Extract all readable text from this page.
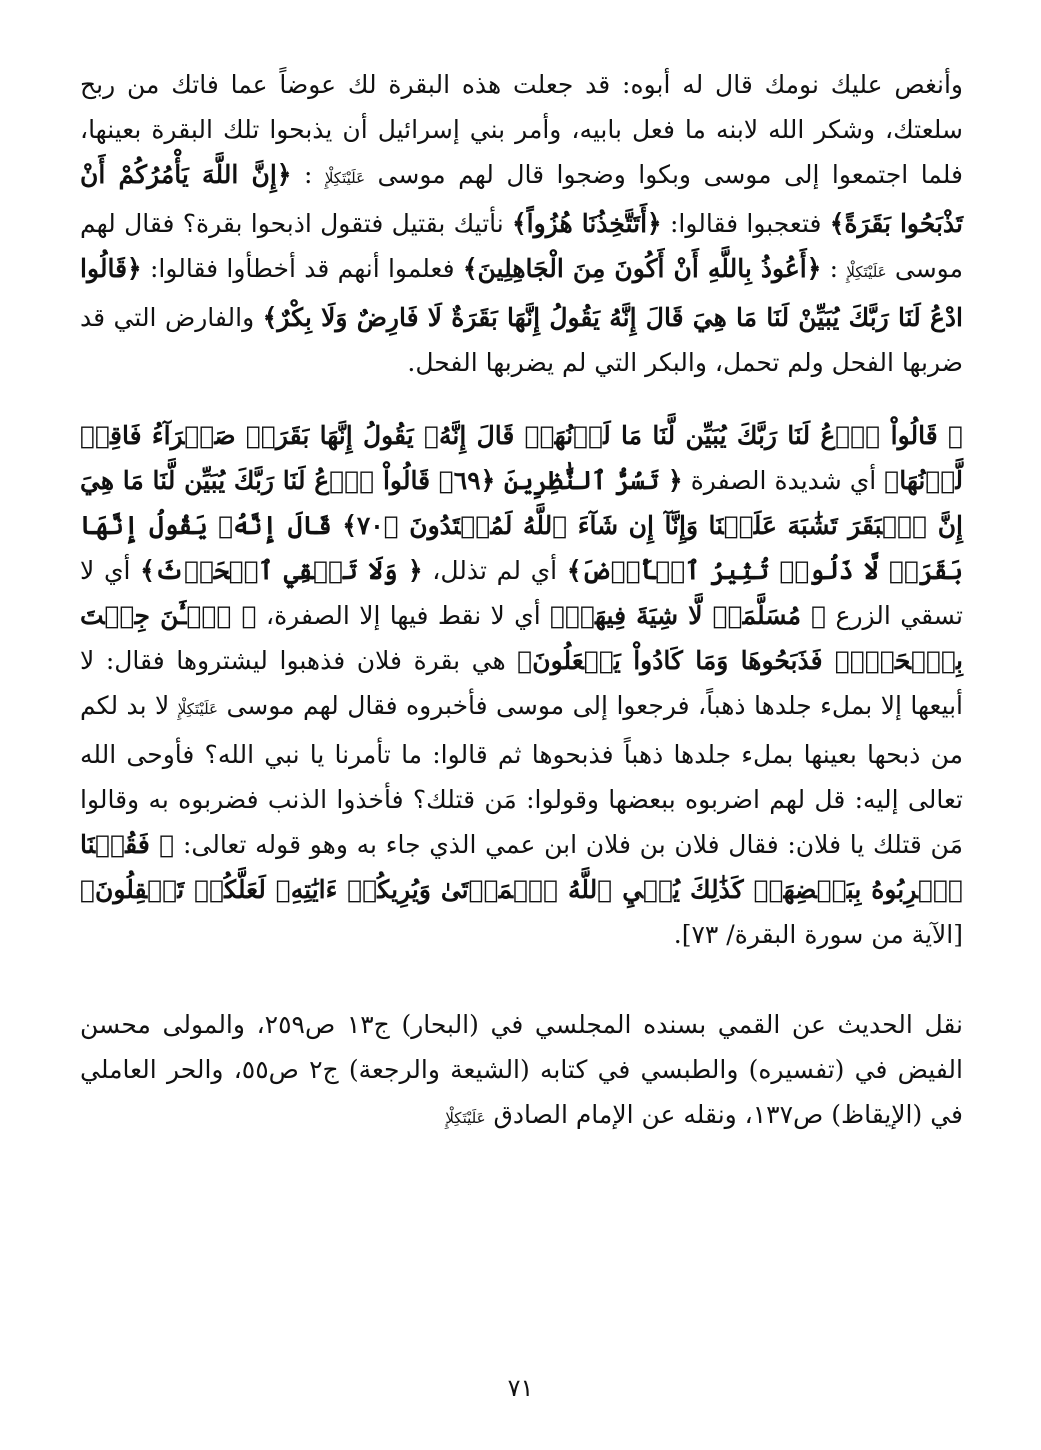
وأنغص عليك نومك قال له أبوه: قد جعلت هذه البقرة لك عوضاً عما فاتك من ربح سلعتك، وشكر الله لابنه ما فعل بابيه، وأمر بني إسرائيل أن يذبحوا تلك البقرة بعينها، فلما اجتمعوا إلى موسى وبكوا وضجوا قال لهم موسى عَلَيْتَكِلْإِ : ﴿إِنَّ اللَّهَ يَأْمُرُكُمْ أَنْ تَذْبَحُوا بَقَرَةً﴾ فتعجبوا فقالوا: ﴿أَتَتَّخِذُنَا هُزُواً﴾ نأتيك بقتيل فتقول اذبحوا بقرة؟ فقال لهم موسى عَلَيْتَكِلْإِ : ﴿أَعُوذُ بِاللَّهِ أَنْ أَكُونَ مِنَ الْجَاهِلِينَ﴾ فعلموا أنهم قد أخطأوا فقالوا: ﴿قَالُوا ادْعُ لَنَا رَبَّكَ يُبَيِّنْ لَنَا مَا هِيَ قَالَ إِنَّهُ يَقُولُ إِنَّهَا بَقَرَةٌ لَا فَارِضٌ وَلَا بِكْرٌ﴾ والفارض التي قد ضربها الفحل ولم تحمل، والبكر التي لم يضربها الفحل.

﴿ قَالُواْ ٱدۡعُ لَنَا رَبَّكَ يُبَيِّن لَّنَا مَا لَوۡنُهَاۚ قَالَ إِنَّهُۥ يَقُولُ إِنَّهَا بَقَرَةٞ صَفۡرَآءُ فَاقِعٞ لَّوۡنُهَا﴾ أي شديدة الصفرة ﴿ تَسُرُّ ٱلنَّٰظِرِينَ ﴿٦٩﴾ قَالُواْ ٱدۡعُ لَنَا رَبَّكَ يُبَيِّن لَّنَا مَا هِيَ إِنَّ ٱلۡبَقَرَ تَشَٰبَهَ عَلَيۡنَا وَإِنَّآ إِن شَآءَ ٱللَّهُ لَمُهۡتَدُونَ ﴿٧٠﴾ قَالَ إِنَّهُۥ يَقُولُ إِنَّهَا بَقَرَةٞ لَّا ذَلُولٞ تُثِيرُ ٱلۡأَرۡضَ﴾ أي لم تذلل، ﴿ وَلَا تَسۡقِي ٱلۡحَرۡثَ﴾ أي لا تسقي الزرع ﴿ مُسَلَّمَةٞ لَّا شِيَةَ فِيهَاۚ﴾ أي لا نقط فيها إلا الصفرة، ﴿ ٱلۡـَٰٔنَ جِئۡتَ بِٱلۡحَقِّۚ فَذَبَحُوهَا وَمَا كَادُواْ يَفۡعَلُونَ﴾ هي بقرة فلان فذهبوا ليشتروها فقال: لا أبيعها إلا بملء جلدها ذهباً، فرجعوا إلى موسى فأخبروه فقال لهم موسى عَلَيْتَكِلْإِ لا بد لكم من ذبحها بعينها بملء جلدها ذهباً فذبحوها ثم قالوا: ما تأمرنا يا نبي الله؟ فأوحى الله تعالى إليه: قل لهم اضربوه ببعضها وقولوا: مَن قتلك؟ فأخذوا الذنب فضربوه به وقالوا مَن قتلك يا فلان: فقال فلان بن فلان ابن عمي الذي جاء به وهو قوله تعالى: ﴿ فَقُلۡنَا ٱضۡرِبُوهُ بِبَعۡضِهَاۚ كَذَٰلِكَ يُحۡيِ ٱللَّهُ ٱلۡمَوۡتَىٰ وَيُرِيكُمۡ ءَايَٰتِهِۦ لَعَلَّكُمۡ تَعۡقِلُونَ﴾ [الآية من سورة البقرة/ ٧٣].

نقل الحديث عن القمي بسنده المجلسي في (البحار) ج١٣ ص٢٥٩، والمولى محسن الفيض في (تفسيره) والطبسي في كتابه (الشيعة والرجعة) ج٢ ص٥٥، والحر العاملي في (الإيقاظ) ص١٣٧، ونقله عن الإمام الصادق عَلَيْتَكِلْإِ

٧١
